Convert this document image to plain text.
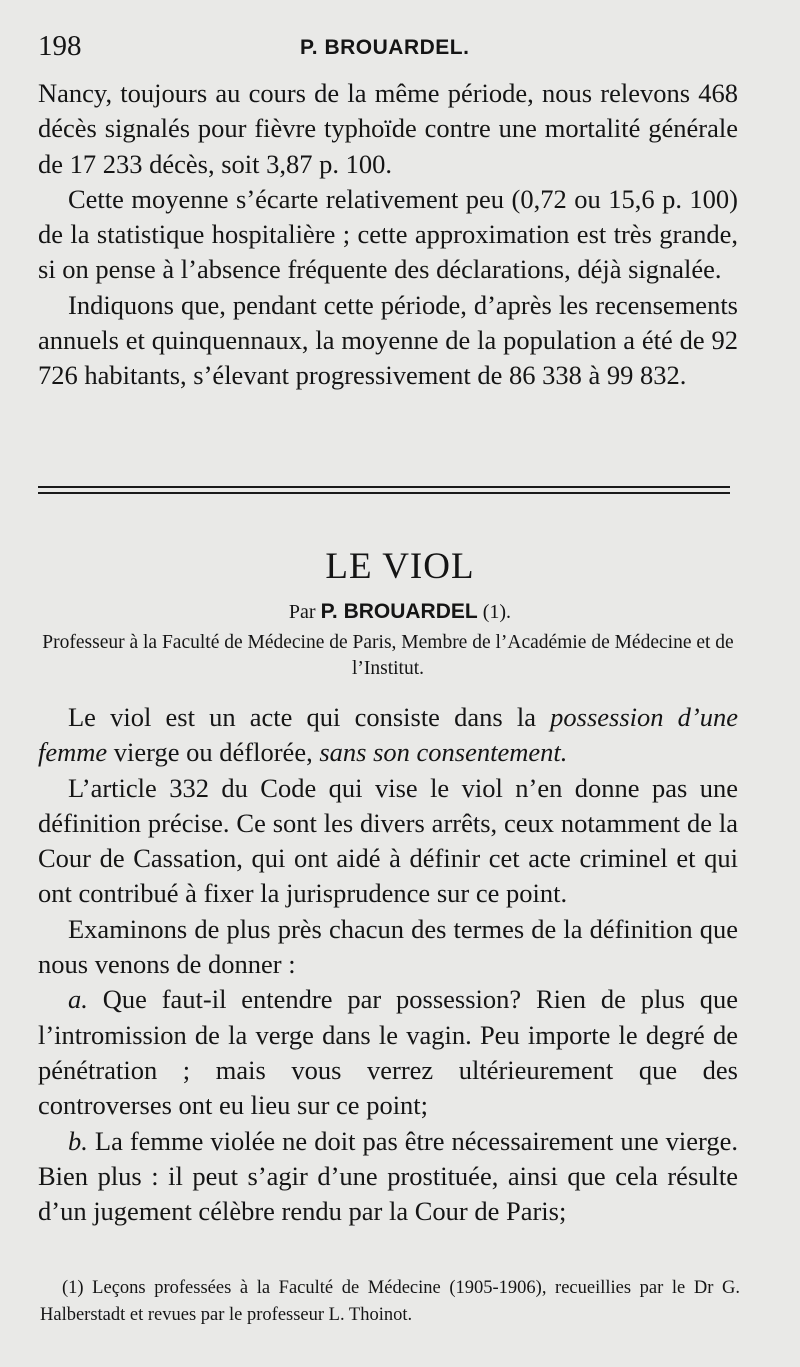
198	P. BROUARDEL.

Nancy, toujours au cours de la même période, nous relevons 468 décès signalés pour fièvre typhoïde contre une mortalité générale de 17 233 décès, soit 3,87 p. 100.

Cette moyenne s’écarte relativement peu (0,72 ou 15,6 p. 100) de la statistique hospitalière ; cette approximation est très grande, si on pense à l’absence fréquente des déclarations, déjà signalée.

Indiquons que, pendant cette période, d’après les recensements annuels et quinquennaux, la moyenne de la population a été de 92 726 habitants, s’élevant progressivement de 86 338 à 99 832.

LE VIOL
Par P. BROUARDEL (1).
Professeur à la Faculté de Médecine de Paris, Membre de l’Académie de Médecine et de l’Institut.

Le viol est un acte qui consiste dans la possession d’une femme vierge ou déflorée, sans son consentement.

L’article 332 du Code qui vise le viol n’en donne pas une définition précise. Ce sont les divers arrêts, ceux notamment de la Cour de Cassation, qui ont aidé à définir cet acte criminel et qui ont contribué à fixer la jurisprudence sur ce point.

Examinons de plus près chacun des termes de la définition que nous venons de donner :

a. Que faut-il entendre par possession? Rien de plus que l’intromission de la verge dans le vagin. Peu importe le degré de pénétration ; mais vous verrez ultérieurement que des controverses ont eu lieu sur ce point;

b. La femme violée ne doit pas être nécessairement une vierge. Bien plus : il peut s’agir d’une prostituée, ainsi que cela résulte d’un jugement célèbre rendu par la Cour de Paris;

(1) Leçons professées à la Faculté de Médecine (1905-1906), recueillies par le Dr G. Halberstadt et revues par le professeur L. Thoinot.
